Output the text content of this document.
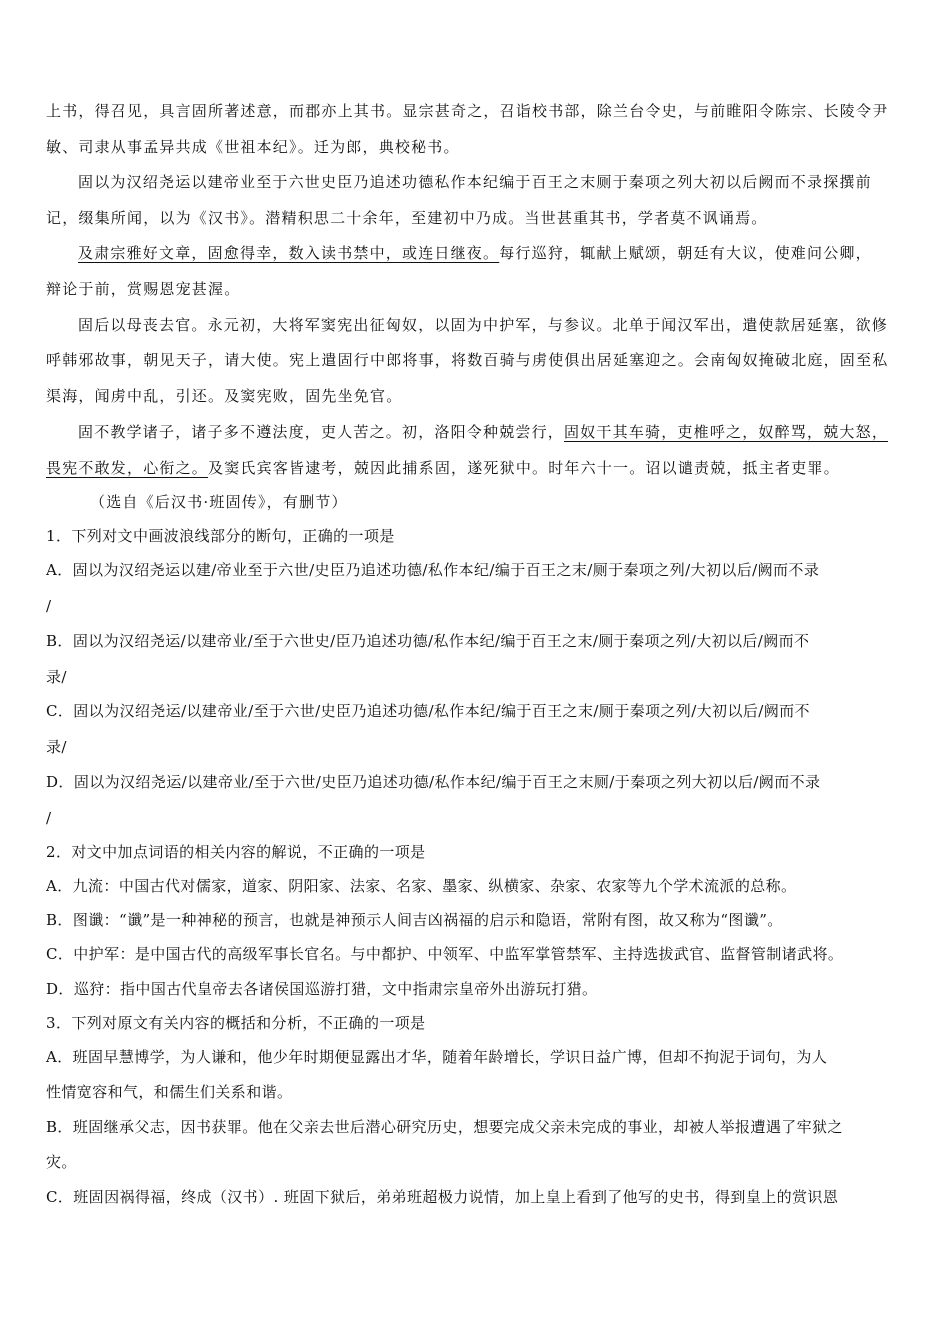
上书，得召见，具言固所著述意，而郡亦上其书。显宗甚奇之，召诣校书部，除兰台令史，与前睢阳令陈宗、长陵令尹
敏、司隶从事孟异共成《世祖本纪》。迁为郎，典校秘书。
固以为汉绍尧运以建帝业至于六世史臣乃追述功德私作本纪编于百王之末厕于秦项之列大初以后阙而不录探撰前
记，缀集所闻，以为《汉书》。潜精积思二十余年，至建初中乃成。当世甚重其书，学者莫不讽诵焉。
及肃宗雅好文章，固愈得幸，数入读书禁中，或连日继夜。每行巡狩，辄献上赋颂，朝廷有大议，使难问公卿，
辩论于前，赏赐恩宠甚渥。
固后以母丧去官。永元初，大将军窦宪出征匈奴，以固为中护军，与参议。北单于闻汉军出，遣使款居延塞，欲修
呼韩邪故事，朝见天子，请大使。宪上遣固行中郎将事，将数百骑与虏使俱出居延塞迎之。会南匈奴掩破北庭，固至私
渠海，闻虏中乱，引还。及窦宪败，固先坐免官。
固不教学诸子，诸子多不遵法度，吏人苦之。初，洛阳令种兢尝行，固奴干其车骑，吏椎呼之，奴醉骂，兢大怒，
畏宪不敢发，心衔之。及窦氏宾客皆逮考，兢因此捕系固，遂死狱中。时年六十一。诏以谴责兢，抵主者吏罪。
（选自《后汉书·班固传》，有删节）
1．下列对文中画波浪线部分的断句，正确的一项是
A．固以为汉绍尧运以建/帝业至于六世/史臣乃追述功德/私作本纪/编于百王之末/厕于秦项之列/大初以后/阙而不录
/
B．固以为汉绍尧运/以建帝业/至于六世史/臣乃追述功德/私作本纪/编于百王之末/厕于秦项之列/大初以后/阙而不
录/
C．固以为汉绍尧运/以建帝业/至于六世/史臣乃追述功德/私作本纪/编于百王之末/厕于秦项之列/大初以后/阙而不
录/
D．固以为汉绍尧运/以建帝业/至于六世/史臣乃追述功德/私作本纪/编于百王之末厕/于秦项之列大初以后/阙而不录
/
2．对文中加点词语的相关内容的解说，不正确的一项是
A．九流：中国古代对儒家，道家、阴阳家、法家、名家、墨家、纵横家、杂家、农家等九个学术流派的总称。
B．图谶：“谶”是一种神秘的预言，也就是神预示人间吉凶祸福的启示和隐语，常附有图，故又称为“图谶”。
C．中护军：是中国古代的高级军事长官名。与中都护、中领军、中监军掌管禁军、主持选拔武官、监督管制诸武将。
D．巡狩：指中国古代皇帝去各诸侯国巡游打猎，文中指肃宗皇帝外出游玩打猎。
3．下列对原文有关内容的概括和分析，不正确的一项是
A．班固早慧博学，为人谦和，他少年时期便显露出才华，随着年龄增长，学识日益广博，但却不拘泥于词句，为人
性情宽容和气，和儒生们关系和谐。
B．班固继承父志，因书获罪。他在父亲去世后潜心研究历史，想要完成父亲未完成的事业，却被人举报遭遇了牢狱之
灾。
C．班固因祸得福，终成（汉书）. 班固下狱后，弟弟班超极力说情，加上皇上看到了他写的史书，得到皇上的赏识恩
